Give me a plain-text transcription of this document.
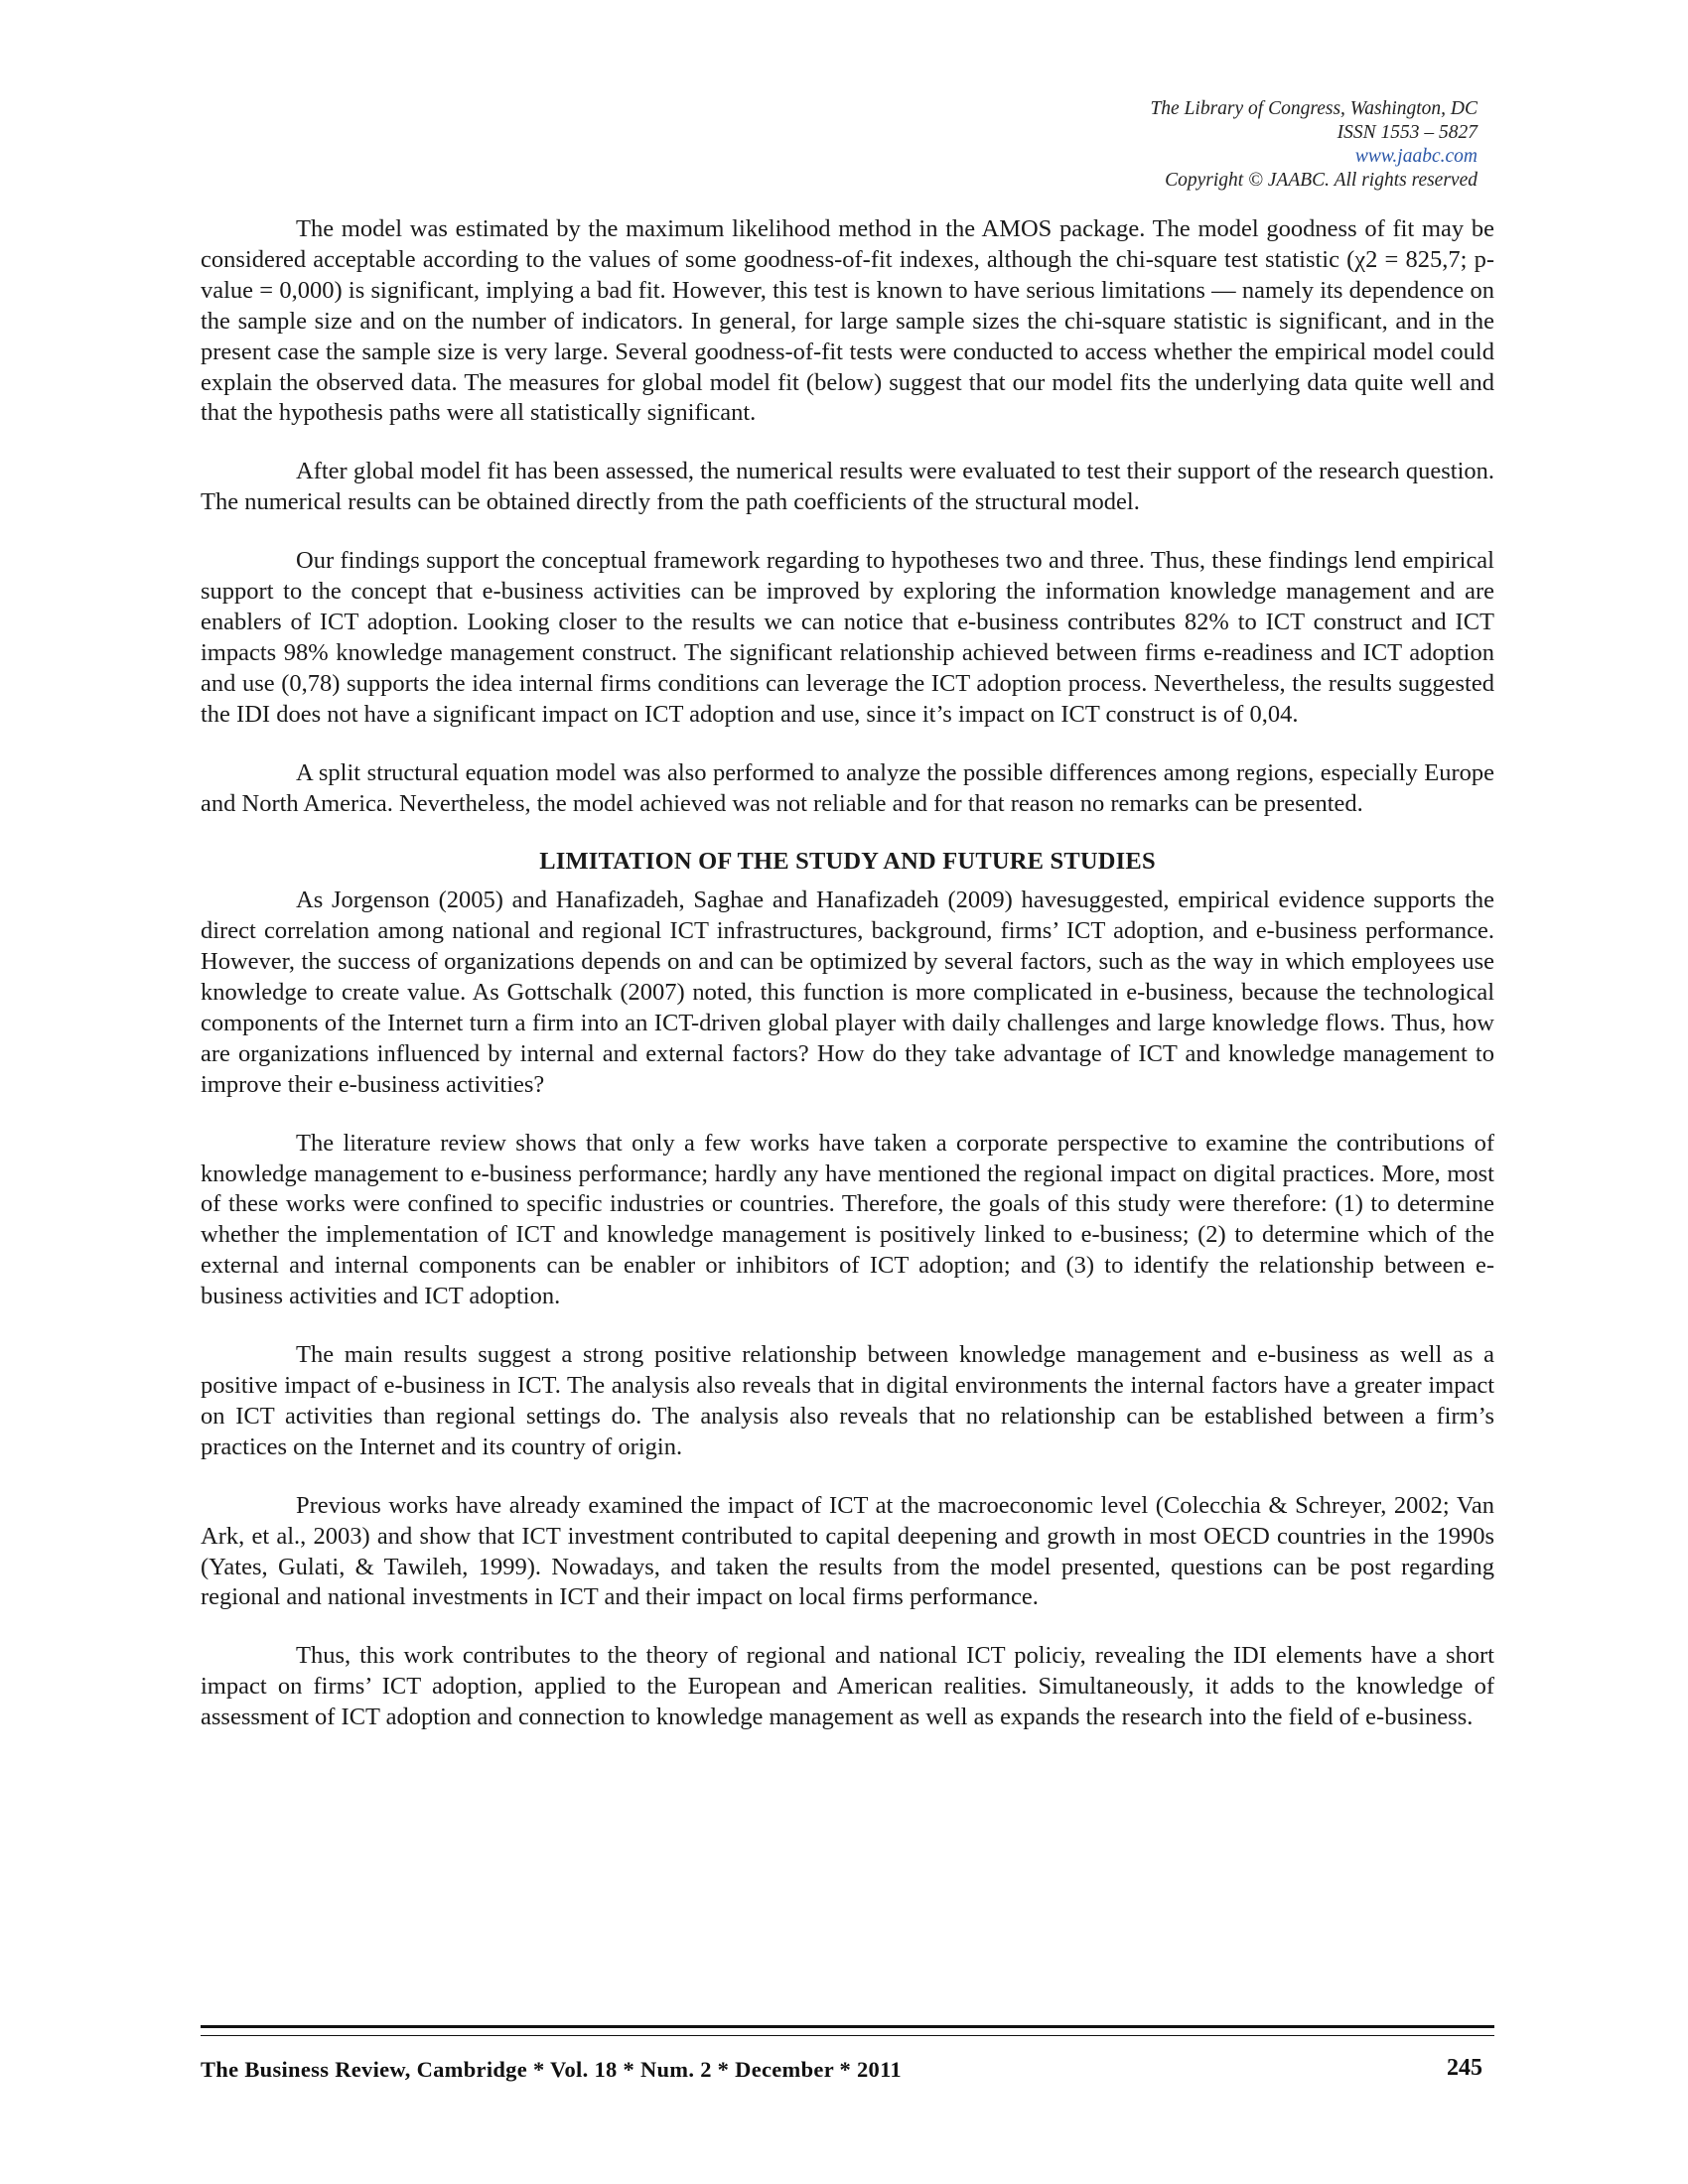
The Library of Congress, Washington, DC
ISSN 1553 – 5827
www.jaabc.com
Copyright © JAABC. All rights reserved

The model was estimated by the maximum likelihood method in the AMOS package. The model goodness of fit may be considered acceptable according to the values of some goodness-of-fit indexes, although the chi-square test statistic (χ2 = 825,7; p-value = 0,000) is significant, implying a bad fit. However, this test is known to have serious limitations — namely its dependence on the sample size and on the number of indicators. In general, for large sample sizes the chi-square statistic is significant, and in the present case the sample size is very large. Several goodness-of-fit tests were conducted to access whether the empirical model could explain the observed data. The measures for global model fit (below) suggest that our model fits the underlying data quite well and that the hypothesis paths were all statistically significant.

After global model fit has been assessed, the numerical results were evaluated to test their support of the research question. The numerical results can be obtained directly from the path coefficients of the structural model.

Our findings support the conceptual framework regarding to hypotheses two and three. Thus, these findings lend empirical support to the concept that e-business activities can be improved by exploring the information knowledge management and are enablers of ICT adoption. Looking closer to the results we can notice that e-business contributes 82% to ICT construct and ICT impacts 98% knowledge management construct. The significant relationship achieved between firms e-readiness and ICT adoption and use (0,78) supports the idea internal firms conditions can leverage the ICT adoption process. Nevertheless, the results suggested the IDI does not have a significant impact on ICT adoption and use, since it’s impact on ICT construct is of 0,04.

A split structural equation model was also performed to analyze the possible differences among regions, especially Europe and North America. Nevertheless, the model achieved was not reliable and for that reason no remarks can be presented.

LIMITATION OF THE STUDY AND FUTURE STUDIES

As Jorgenson (2005) and Hanafizadeh, Saghae and Hanafizadeh (2009) havesuggested, empirical evidence supports the direct correlation among national and regional ICT infrastructures, background, firms’ ICT adoption, and e-business performance. However, the success of organizations depends on and can be optimized by several factors, such as the way in which employees use knowledge to create value. As Gottschalk (2007) noted, this function is more complicated in e-business, because the technological components of the Internet turn a firm into an ICT-driven global player with daily challenges and large knowledge flows. Thus, how are organizations influenced by internal and external factors? How do they take advantage of ICT and knowledge management to improve their e-business activities?

The literature review shows that only a few works have taken a corporate perspective to examine the contributions of knowledge management to e-business performance; hardly any have mentioned the regional impact on digital practices. More, most of these works were confined to specific industries or countries. Therefore, the goals of this study were therefore: (1) to determine whether the implementation of ICT and knowledge management is positively linked to e-business; (2) to determine which of the external and internal components can be enabler or inhibitors of ICT adoption; and (3) to identify the relationship between e-business activities and ICT adoption.

The main results suggest a strong positive relationship between knowledge management and e-business as well as a positive impact of e-business in ICT. The analysis also reveals that in digital environments the internal factors have a greater impact on ICT activities than regional settings do. The analysis also reveals that no relationship can be established between a firm’s practices on the Internet and its country of origin.

Previous works have already examined the impact of ICT at the macroeconomic level (Colecchia & Schreyer, 2002; Van Ark, et al., 2003) and show that ICT investment contributed to capital deepening and growth in most OECD countries in the 1990s (Yates, Gulati, & Tawileh, 1999). Nowadays, and taken the results from the model presented, questions can be post regarding regional and national investments in ICT and their impact on local firms performance.

Thus, this work contributes to the theory of regional and national ICT policiy, revealing the IDI elements have a short impact on firms’ ICT adoption, applied to the European and American realities. Simultaneously, it adds to the knowledge of assessment of ICT adoption and connection to knowledge management as well as expands the research into the field of e-business.

The Business Review, Cambridge * Vol. 18 * Num. 2 * December * 2011	245
